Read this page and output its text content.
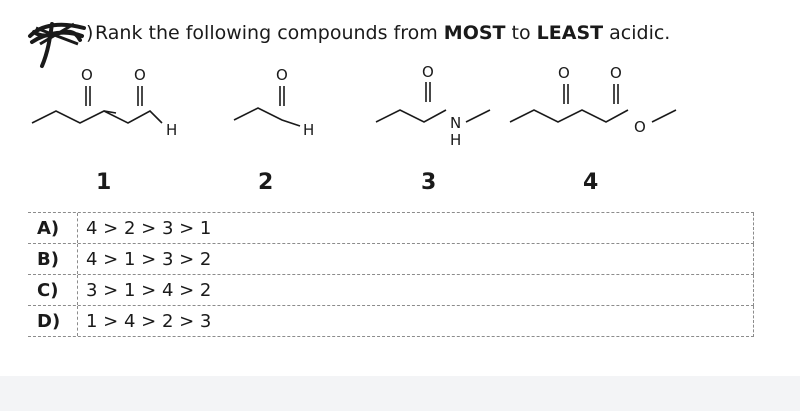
) Rank the following compounds from MOST to LEAST acidic.
O	O
H
O
H
O
N
H
O	O
O
1	2	3	4
A)	4 > 2 > 3 > 1
B)	4 > 1 > 3 > 2
C)	3 > 1 > 4 > 2
D)	1 > 4 > 2 > 3
